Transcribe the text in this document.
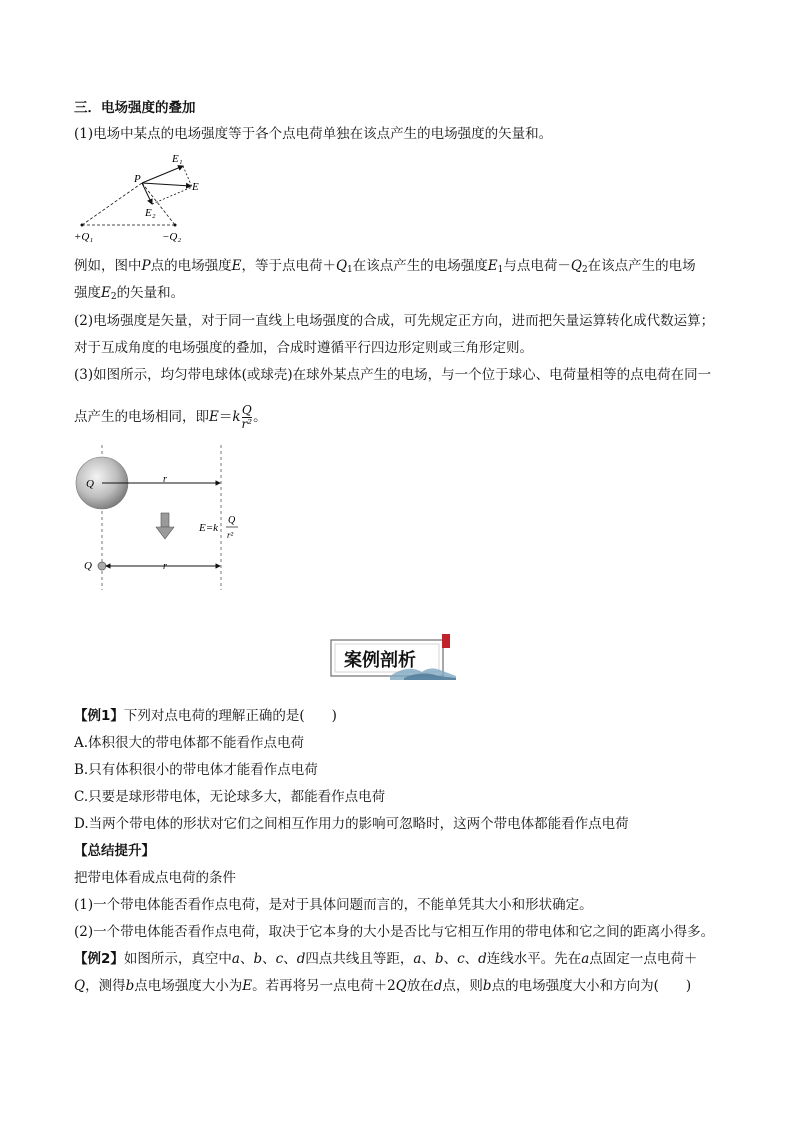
三．电场强度的叠加
(1)电场中某点的电场强度等于各个点电荷单独在该点产生的电场强度的矢量和。
E₁
P
E
E₂
+Q₁	−Q₂
例如，图中P点的电场强度E，等于点电荷$+Q_1$在该点产生的电场强度$E_1$与点电荷$-Q_2$在该点产生的电场
强度$E_2$的矢量和。
(2)电场强度是矢量，对于同一直线上电场强度的合成，可先规定正方向，进而把矢量运算转化成代数运算；
对于互成角度的电场强度的叠加，合成时遵循平行四边形定则或三角形定则。
(3)如图所示，均匀带电球体(或球壳)在球外某点产生的电场，与一个位于球心、电荷量相等的点电荷在同一
点产生的电场相同，即$E=k \frac{Q}{\text{r²}}$ 。
Q	r
E=k
Q
r²
Q	r
案例剖析
【例1】下列对点电荷的理解正确的是(　　)
A.体积很大的带电体都不能看作点电荷
B.只有体积很小的带电体才能看作点电荷
C.只要是球形带电体，无论球多大，都能看作点电荷
D.当两个带电体的形状对它们之间相互作用力的影响可忽略时，这两个带电体都能看作点电荷
【总结提升】
把带电体看成点电荷的条件
(1)一个带电体能否看作点电荷，是对于具体问题而言的，不能单凭其大小和形状确定。
(2)一个带电体能否看作点电荷，取决于它本身的大小是否比与它相互作用的带电体和它之间的距离小得多。
【例2】如图所示，真空中a、b、c、d四点共线且等距，a、b、c、d连线水平。先在a点固定一点电荷＋
Q，测得b点电场强度大小为E。若再将另一点电荷＋2Q放在d点，则b点的电场强度大小和方向为(　　)
